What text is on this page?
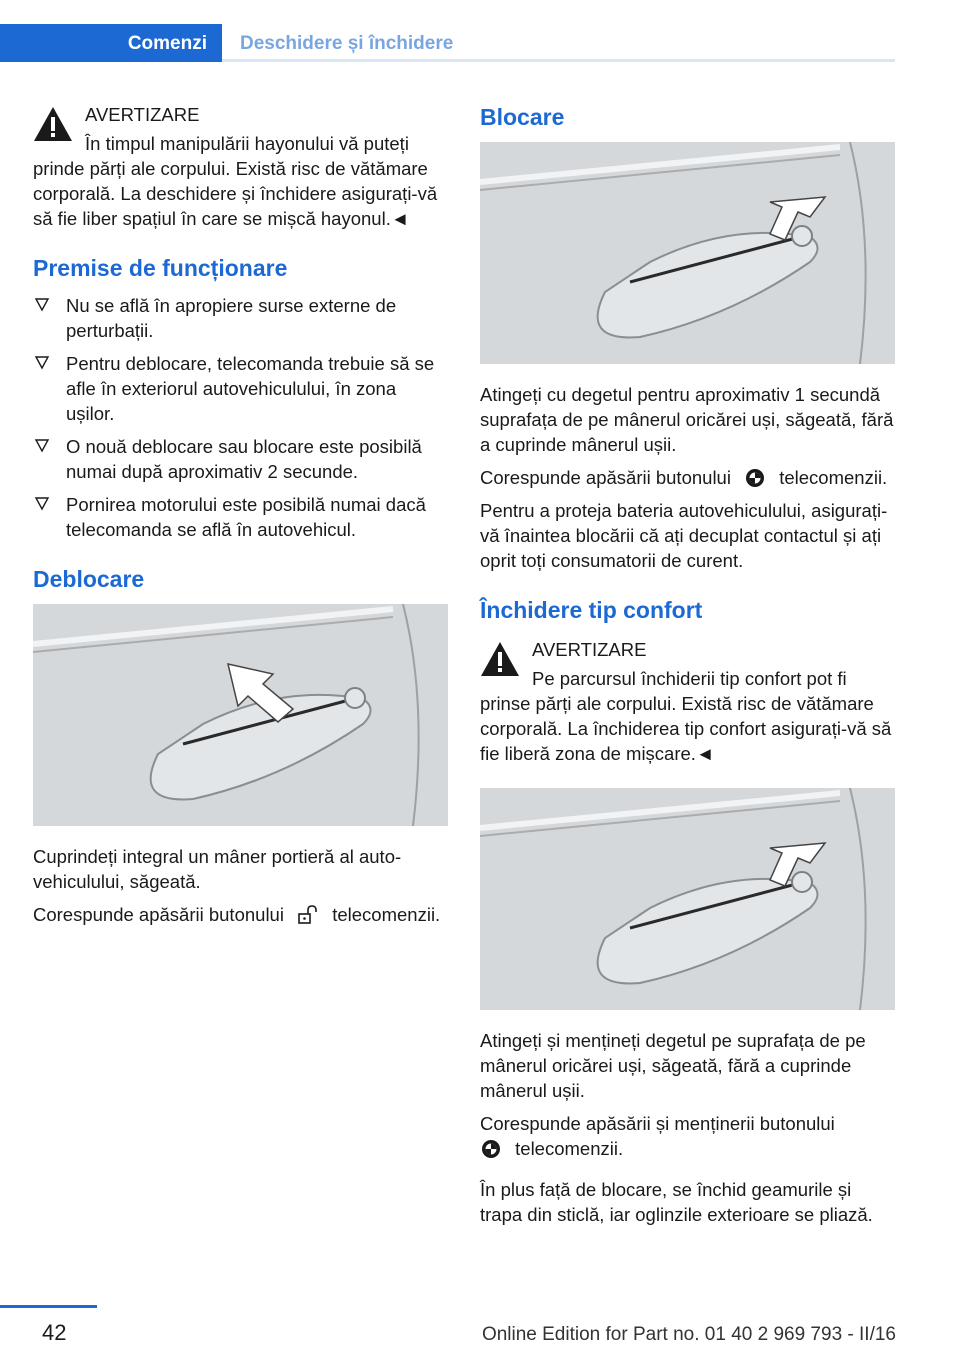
Comenzi	Deschidere și închidere
AVERTIZARE

În timpul manipulării hayonului vă puteți prinde părți ale corpului. Există risc de vătămare corporală. La deschidere și închidere asigurați-vă să fie liber spațiul în care se mișcă hayonul.◄

Premise de funcționare
Nu se află în apropiere surse externe de perturbații.
Pentru deblocare, telecomanda trebuie să se afle în exteriorul autovehiculului, în zona ușilor.
O nouă deblocare sau blocare este posibilă numai după aproximativ 2 secunde.
Pornirea motorului este posibilă numai dacă telecomanda se află în autovehicul.
Deblocare

Cuprindeți integral un mâner portieră al autovehiculului, săgeată.

Corespunde apăsării butonului	telecomenzii.

Blocare

Atingeți cu degetul pentru aproximativ 1 secundă suprafața de pe mânerul oricărei uși, săgeată, fără a cuprinde mânerul ușii.

Corespunde apăsării butonului	telecomenzii.

Pentru a proteja bateria autovehiculului, asigurați-vă înaintea blocării că ați decuplat contactul și ați oprit toți consumatorii de curent.

Închidere tip confort
AVERTIZARE

Pe parcursul închiderii tip confort pot fi prinse părți ale corpului. Există risc de vătămare corporală. La închiderea tip confort asigurați-vă să fie liberă zona de mișcare.◄

Atingeți și mențineți degetul pe suprafața de pe mânerul oricărei uși, săgeată, fără a cuprinde mânerul ușii.

Corespunde apăsării și menținerii butonului
telecomenzii.

În plus față de blocare, se închid geamurile și trapa din sticlă, iar oglinzile exterioare se pliază.

42	Online Edition for Part no. 01 40 2 969 793 - II/16
